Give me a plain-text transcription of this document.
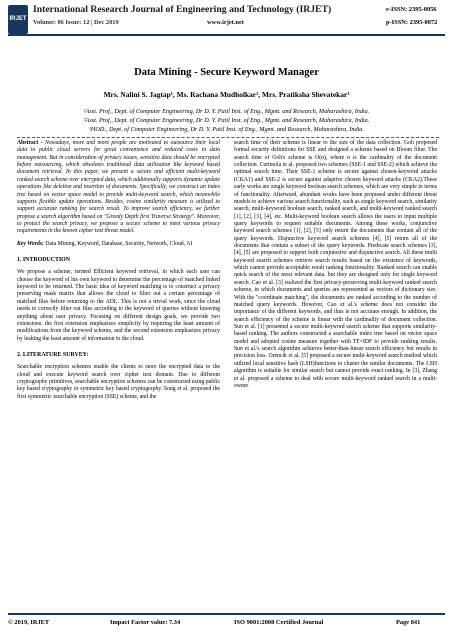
IRJET
International Research Journal of Engineering and Technology (IRJET)
Volume: 06 Issue: 12 | Dec 2019	www.irjet.net
e-ISSN: 2395-0056
p-ISSN: 2395-0072
Data Mining - Secure Keyword Manager
Mrs. Nalini S. Jagtap¹, Ms. Rachana Mudholkar², Mrs. Pratiksha Shevatekar³
¹Asst. Prof., Dept. of Computer Engineering, Dr D. Y. Patil Inst. of Eng., Mgmt. and Research, Maharashtra, India.
²Asst. Prof., Dept. of Computer Engineering, Dr D. Y. Patil Inst. of Eng., Mgmt. and Research, Maharashtra, India.
³HOD., Dept. of Computer Engineering, Dr D. Y. Patil Inst. of Eng., Mgmt. and Research, Maharashtra, India.

Abstract - Nowadays, more and more people are motivated to outsource their local data to public cloud servers for great convenience and reduced costs in data management. But in consideration of privacy issues, sensitive data should be encrypted before outsourcing, which obsoletes traditional data utilization like keyword based document retrieval. In this paper, we present a secure and efficient multi-keyword ranked search scheme over encrypted data, which additionally supports dynamic update operations like deletion and insertion of documents. Specifically, we construct an index tree based on vector space model to provide multi-keyword search, which meanwhile supports flexible update operations. Besides, cosine similarity measure is utilized to support accurate ranking for search result. To improve search efficiency, we further propose a search algorithm based on "Greedy Depth first Traverse Strategy". Moreover, to protect the search privacy, we propose a secure scheme to meet various privacy requirements in the known cipher text threat model.

Key Words: Data Mining, Keyword, Database, Security, Network, Cloud, AI

1. INTRODUCTION

We propose a scheme, termed Efficient keyword retrieval, in which each user can choose the keyword of his own keyword to determine the percentage of matched linked keyword to be returned. The basic idea of keyword matching is to construct a privacy preserving mask matrix that allows the cloud to filter out a certain percentage of matched files before returning to the ADL. This is not a trivial work, since the cloud needs to correctly filter out files according to the keyword of queries without knowing anything about user privacy. Focusing on different design goals, we provide two extensions: the first extension emphasizes simplicity by requiring the least amount of modifications from the keyword scheme, and the second extension emphasizes privacy by leaking the least amount of information to the cloud.

2. LITERATURE SURVEY:

Searchable encryption schemes enable the clients to store the encrypted data to the cloud and execute keyword search over cipher text domain. Due to different cryptography primitives, searchable encryption schemes can be constructed using public key based cryptography or symmetric key based cryptography. Song et al. proposed the first symmetric searchable encryption (SSE) scheme, and the

search time of their scheme is linear to the size of the data collection. Goh proposed formal security definitions for SSE and designed a scheme based on Bloom filter. The search time of Goh's scheme is O(n), where n is the cardinality of the document collection. Curtmola et al. proposed two schemes (SSE-1 and SSE-2) which achieve the optimal search time. Their SSE-1 scheme is secure against chosen-keyword attacks (CKA1) and SSE-2 is secure against adaptive chosen keyword attacks (CKA2).These early works are single keyword boolean search schemes, which are very simple in terms of functionality. Afterward, abundant works have been proposed under different threat models to achieve various search functionality, such as single keyword search, similarity search, multi-keyword boolean search, ranked search, and multi-keyword ranked search [1], [2], [3], [4], etc. Multi-keyword boolean search allows the users to input multiple query keywords to request suitable documents. Among these works, conjunctive keyword search schemes [1], [2], [5] only return the documents that contain all of the query keywords. Disjunctive keyword search schemes [4], [5] return all of the documents that contain a subset of the query keywords. Predicate search schemes [3], [4], [5] are proposed to support both conjunctive and disjunctive search. All these multi keyword search schemes retrieve search results based on the existence of keywords, which cannot provide acceptable result ranking functionality. Ranked search can enable quick search of the most relevant data. but they are designed only for single keyword search. Cao et al. [3] realized the first privacy-preserving multi-keyword ranked search scheme, in which documents and queries are represented as vectors of dictionary size. With the "coordinate matching", the documents are ranked according to the number of matched query keywords. However, Cao et al.'s scheme does not consider the importance of the different keywords, and thus is not accurate enough. In addition, the search efficiency of the scheme is linear with the cardinality of document collection. Sun et al. [1] presented a secure multi-keyword search scheme that supports similarity-based ranking. The authors constructed a searchable index tree based on vector space model and adopted cosine measure together with TF×IDF to provide ranking results. Sun et al.'s search algorithm achieves better-than-linear search efficiency but results in precision loss. Orencik et al. [5] proposed a secure multi-keyword search method which utilized local sensitive hash (LSH)functions to cluster the similar documents. The LSH algorithm is suitable for similar search but cannot provide exact ranking. In [3], Zhang et al. proposed a scheme to deal with secure multi-keyword ranked search in a multi-owner

© 2019, IRJET	Impact Factor value: 7.34	ISO 9001:2008 Certified Journal	Page 841
